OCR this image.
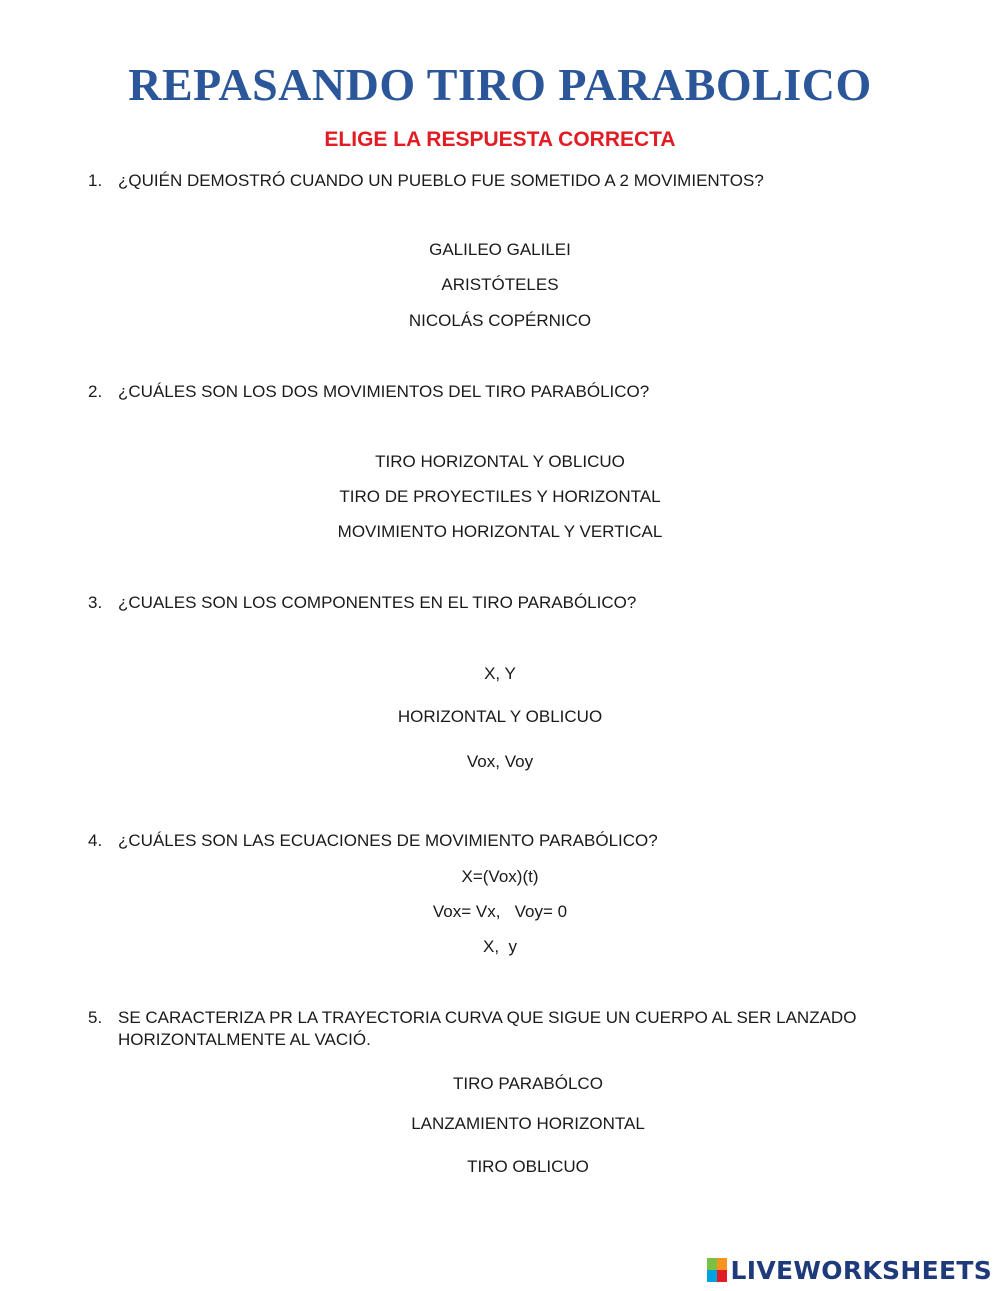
REPASANDO TIRO PARABOLICO
ELIGE LA RESPUESTA CORRECTA
1. ¿QUIÉN DEMOSTRÓ CUANDO UN PUEBLO FUE SOMETIDO A 2 MOVIMIENTOS?
GALILEO GALILEI
ARISTÓTELES
NICOLÁS COPÉRNICO
2. ¿CUÁLES SON LOS DOS MOVIMIENTOS DEL TIRO PARABÓLICO?
TIRO HORIZONTAL Y OBLICUO
TIRO DE PROYECTILES Y HORIZONTAL
MOVIMIENTO HORIZONTAL Y VERTICAL
3. ¿CUALES SON LOS COMPONENTES EN EL TIRO PARABÓLICO?
X, Y
HORIZONTAL Y OBLICUO
Vox, Voy
4. ¿CUÁLES SON LAS ECUACIONES DE MOVIMIENTO PARABÓLICO?
X=(Vox)(t)
Vox= Vx,   Voy= 0
X,  y
5. SE CARACTERIZA PR LA TRAYECTORIA CURVA QUE SIGUE UN CUERPO AL SER LANZADO HORIZONTALMENTE AL VACIÓ.
TIRO PARABÓLCO
LANZAMIENTO HORIZONTAL
TIRO OBLICUO
LIVEWORKSHEETS
